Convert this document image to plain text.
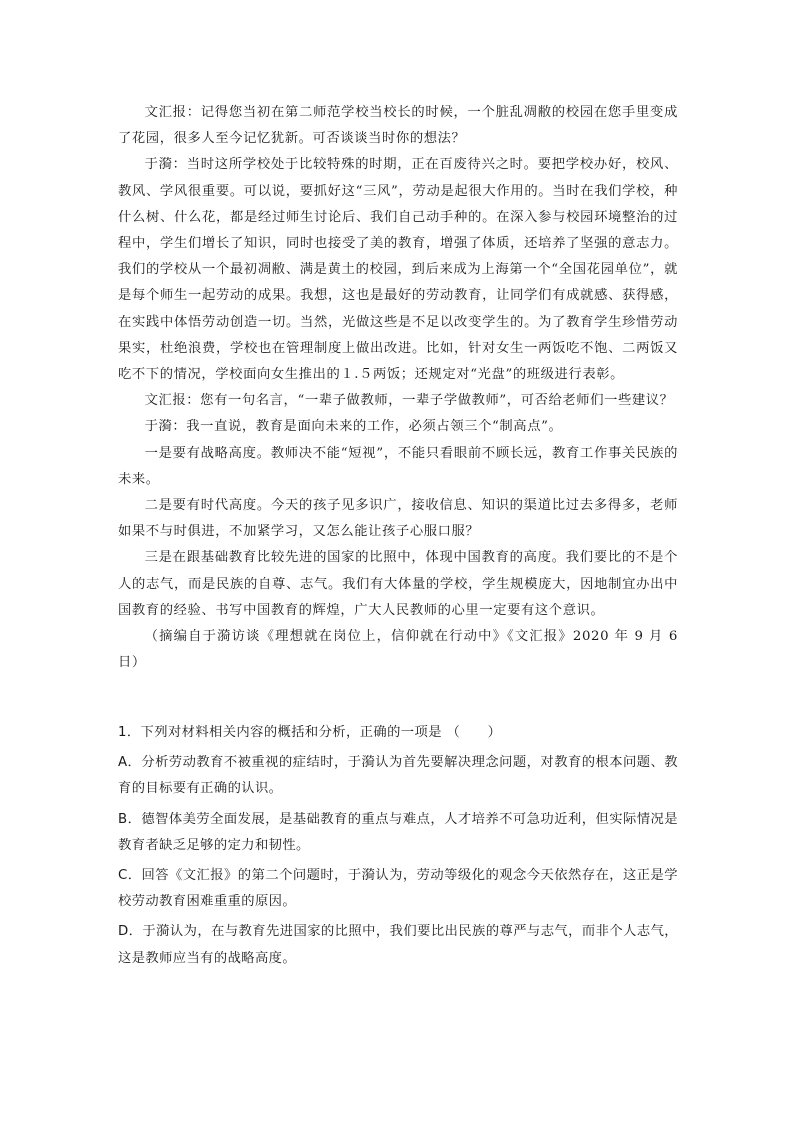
文汇报：记得您当初在第二师范学校当校长的时候，一个脏乱凋敝的校园在您手里变成了花园，很多人至今记忆犹新。可否谈谈当时你的想法？

于漪：当时这所学校处于比较特殊的时期，正在百废待兴之时。要把学校办好，校风、教风、学风很重要。可以说，要抓好这“三风”，劳动是起很大作用的。当时在我们学校，种什么树、什么花，都是经过师生讨论后、我们自己动手种的。在深入参与校园环境整治的过程中，学生们增长了知识，同时也接受了美的教育，增强了体质，还培养了坚强的意志力。我们的学校从一个最初凋敝、满是黄土的校园，到后来成为上海第一个“全国花园单位”，就是每个师生一起劳动的成果。我想，这也是最好的劳动教育，让同学们有成就感、获得感，在实践中体悟劳动创造一切。当然，光做这些是不足以改变学生的。为了教育学生珍惜劳动果实，杜绝浪费，学校也在管理制度上做出改进。比如，针对女生一两饭吃不饱、二两饭又吃不下的情况，学校面向女生推出的１.５两饭；还规定对“光盘”的班级进行表彰。

文汇报：您有一句名言，“一辈子做教师，一辈子学做教师”，可否给老师们一些建议？

于漪：我一直说，教育是面向未来的工作，必须占领三个“制高点”。

一是要有战略高度。教师决不能“短视”，不能只看眼前不顾长远，教育工作事关民族的未来。

二是要有时代高度。今天的孩子见多识广，接收信息、知识的渠道比过去多得多，老师如果不与时俱进，不加紧学习，又怎么能让孩子心服口服？

三是在跟基础教育比较先进的国家的比照中，体现中国教育的高度。我们要比的不是个人的志气，而是民族的自尊、志气。我们有大体量的学校，学生规模庞大，因地制宜办出中国教育的经验、书写中国教育的辉煌，广大人民教师的心里一定要有这个意识。

（摘编自于漪访谈《理想就在岗位上，信仰就在行动中》《文汇报》2020 年 9 月 6 日）

1．下列对材料相关内容的概括和分析，正确的一项是 （　　）

A．分析劳动教育不被重视的症结时，于漪认为首先要解决理念问题，对教育的根本问题、教育的目标要有正确的认识。

B．德智体美劳全面发展，是基础教育的重点与难点，人才培养不可急功近利，但实际情况是教育者缺乏足够的定力和韧性。

C．回答《文汇报》的第二个问题时，于漪认为，劳动等级化的观念今天依然存在，这正是学校劳动教育困难重重的原因。

D．于漪认为，在与教育先进国家的比照中，我们要比出民族的尊严与志气，而非个人志气，这是教师应当有的战略高度。
